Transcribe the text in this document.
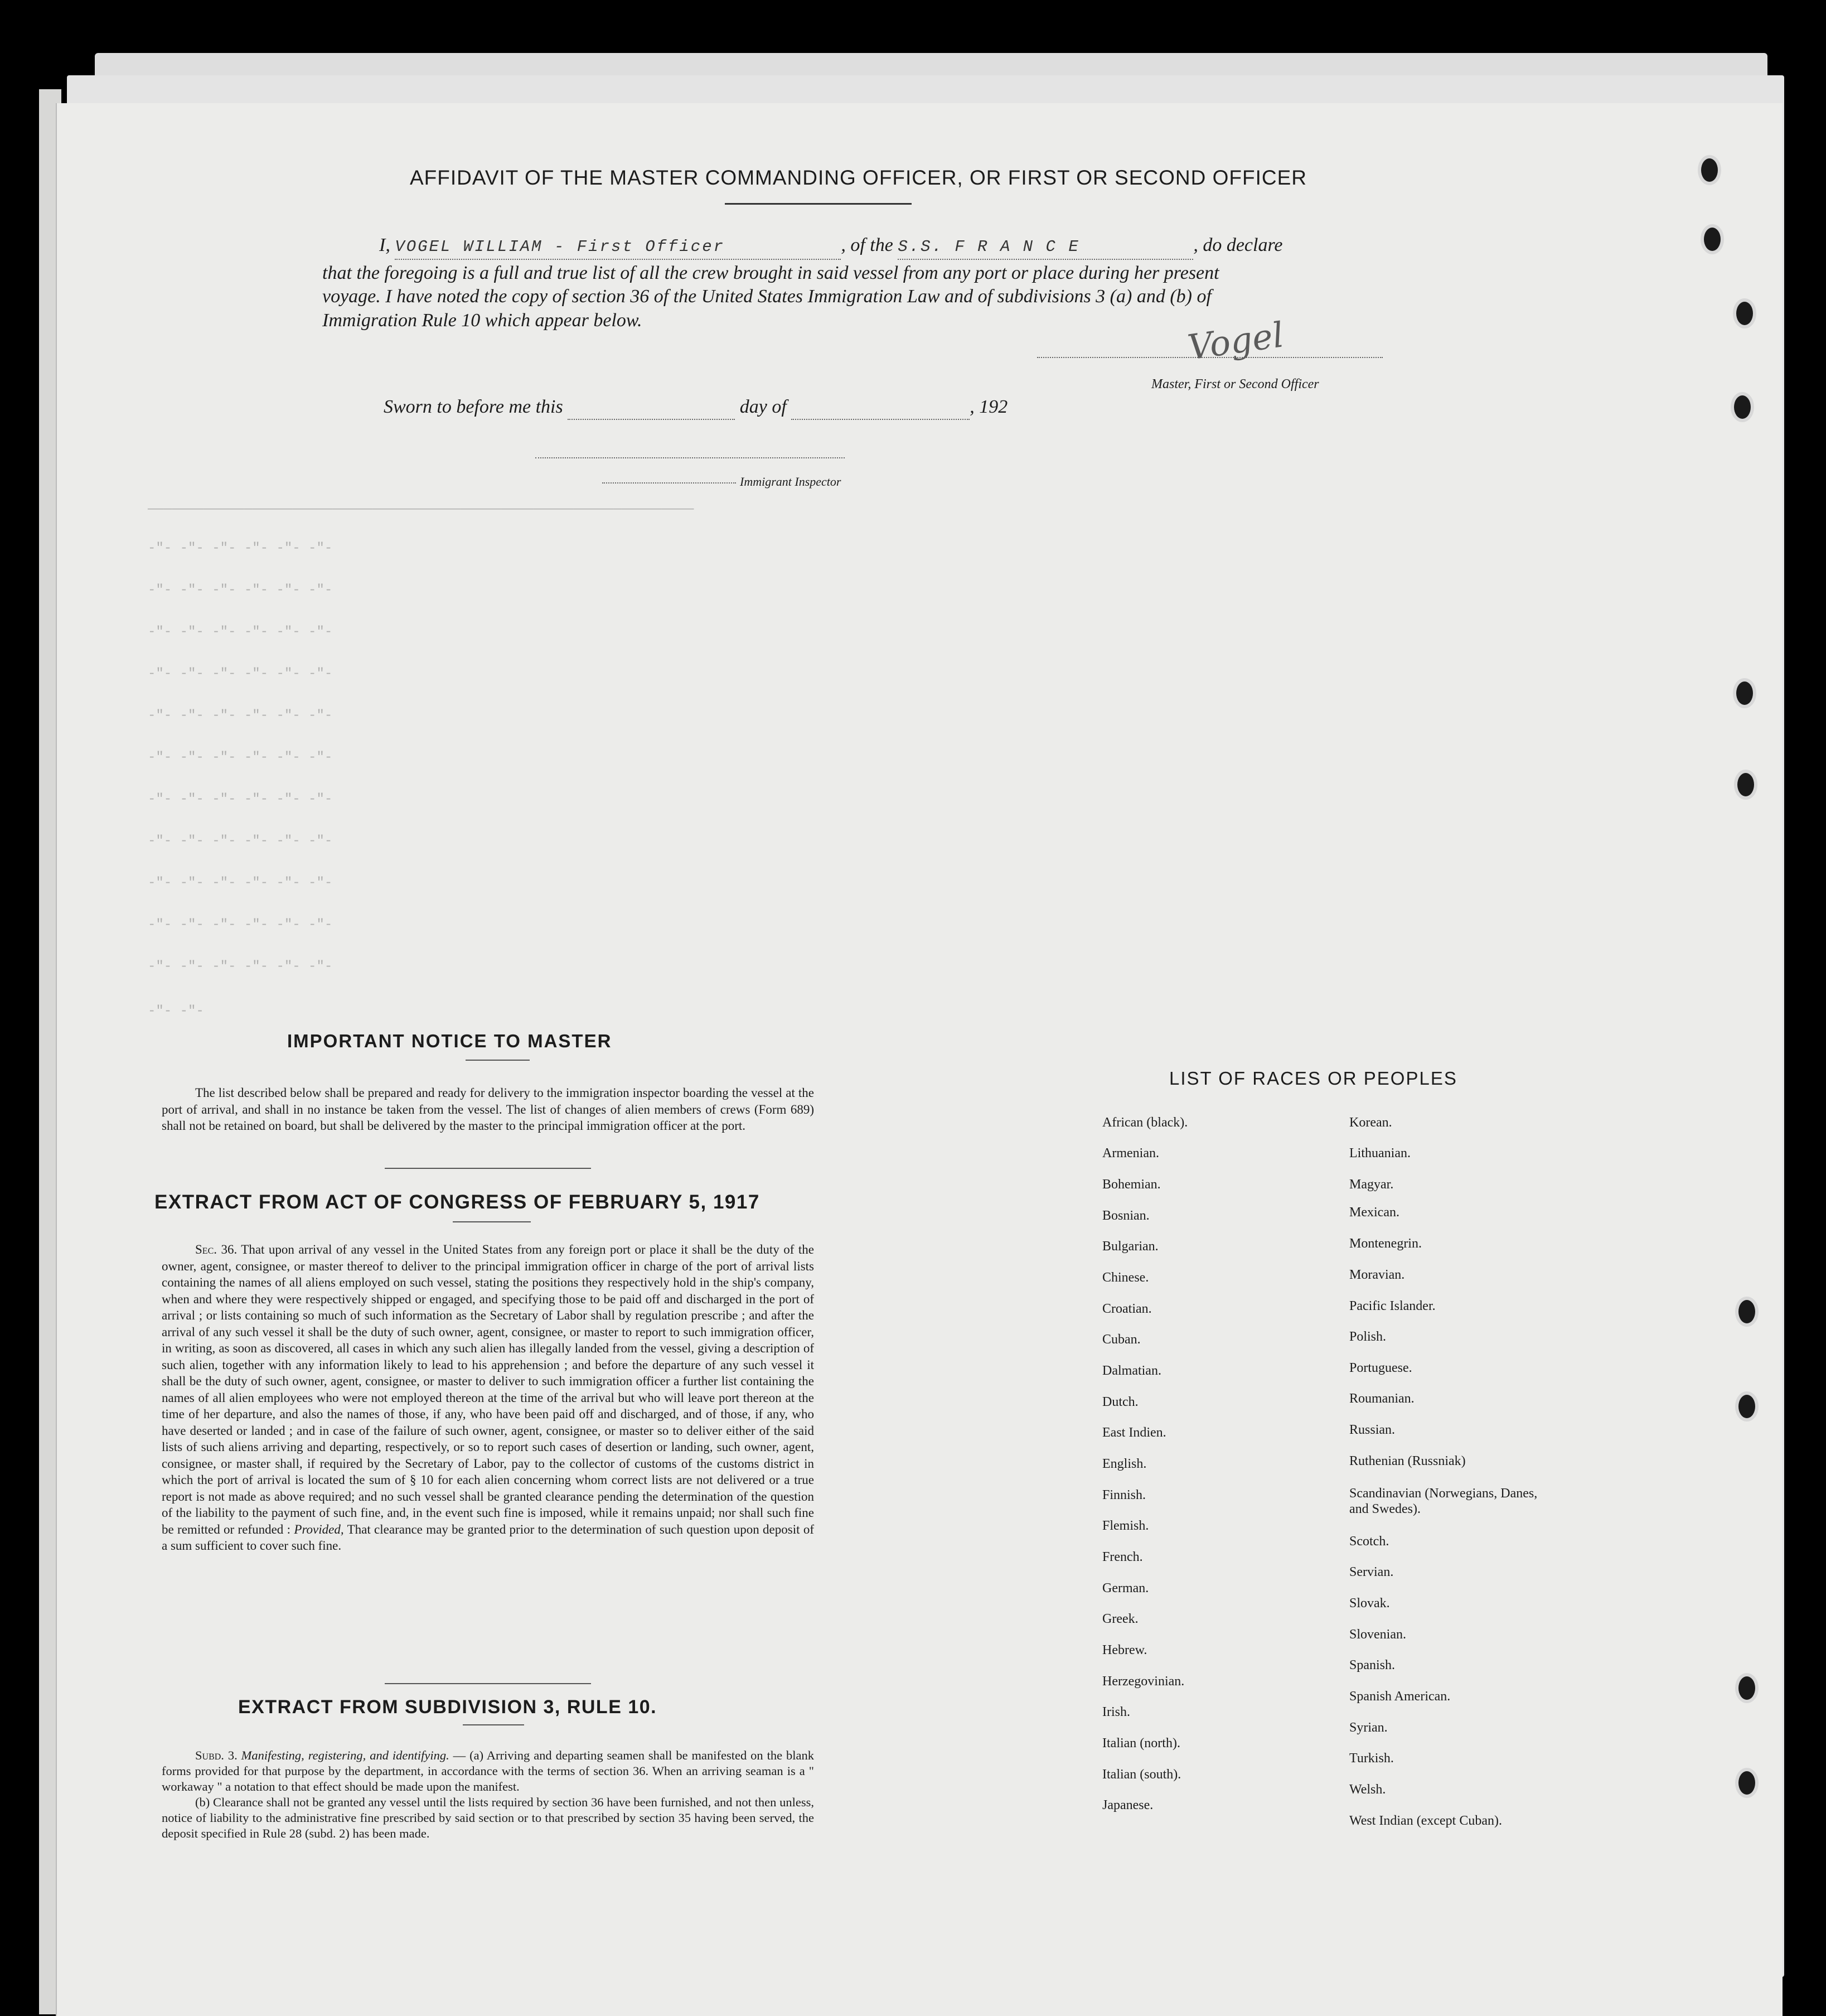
————————————————————————————————————————————————————————————————————
-"- -"- -"- -"- -"- -"-
-"- -"- -"- -"- -"- -"-
-"- -"- -"- -"- -"- -"-
-"- -"- -"- -"- -"- -"-
-"- -"- -"- -"- -"- -"-
-"- -"- -"- -"- -"- -"-
-"- -"- -"- -"- -"- -"-
-"- -"- -"- -"- -"- -"-
-"- -"- -"- -"- -"- -"-
-"- -"- -"- -"- -"- -"-
-"- -"- -"- -"- -"- -"-
-"- -"-
AFFIDAVIT OF THE MASTER COMMANDING OFFICER, OR FIRST OR SECOND OFFICER
I, VOGEL WILLIAM - First Officer	, of the S.S. F R A N C E	, do declare
that the foregoing is a full and true list of all the crew brought in said vessel from any port or place during her present
voyage. I have noted the copy of section 36 of the United States Immigration Law and of subdivisions 3 (a) and (b) of
Immigration Rule 10 which appear below.	Vogel
Master, First or Second Officer
Sworn to before me this	day of	, 192
Immigrant Inspector
IMPORTANT NOTICE TO MASTER

The list described below shall be prepared and ready for delivery to the immigration inspector boarding the vessel at the port of arrival, and shall in no instance be taken from the vessel. The list of changes of alien members of crews (Form 689) shall not be retained on board, but shall be delivered by the master to the principal immigration officer at the port.

EXTRACT FROM ACT OF CONGRESS OF FEBRUARY 5, 1917

Sec. 36. That upon arrival of any vessel in the United States from any foreign port or place it shall be the duty of the owner, agent, consignee, or master thereof to deliver to the principal immigration officer in charge of the port of arrival lists containing the names of all aliens employed on such vessel, stating the positions they respectively hold in the ship's company, when and where they were respectively shipped or engaged, and specifying those to be paid off and discharged in the port of arrival ; or lists containing so much of such information as the Secretary of Labor shall by regulation prescribe ; and after the arrival of any such vessel it shall be the duty of such owner, agent, consignee, or master to report to such immigration officer, in writing, as soon as discovered, all cases in which any such alien has illegally landed from the vessel, giving a description of such alien, together with any information likely to lead to his apprehension ; and before the departure of any such vessel it shall be the duty of such owner, agent, consignee, or master to deliver to such immigration officer a further list containing the names of all alien employees who were not employed thereon at the time of the arrival but who will leave port thereon at the time of her departure, and also the names of those, if any, who have been paid off and discharged, and of those, if any, who have deserted or landed ; and in case of the failure of such owner, agent, consignee, or master so to deliver either of the said lists of such aliens arriving and departing, respectively, or so to report such cases of desertion or landing, such owner, agent, consignee, or master shall, if required by the Secretary of Labor, pay to the collector of customs of the customs district in which the port of arrival is located the sum of § 10 for each alien concerning whom correct lists are not delivered or a true report is not made as above required; and no such vessel shall be granted clearance pending the determination of the question of the liability to the payment of such fine, and, in the event such fine is imposed, while it remains unpaid; nor shall such fine be remitted or refunded : Provided, That clearance may be granted prior to the determination of such question upon deposit of a sum sufficient to cover such fine.

EXTRACT FROM SUBDIVISION 3, RULE 10.

Subd. 3. Manifesting, registering, and identifying. — (a) Arriving and departing seamen shall be manifested on the blank forms provided for that purpose by the department, in accordance with the terms of section 36. When an arriving seaman is a " workaway " a notation to that effect should be made upon the manifest.

(b) Clearance shall not be granted any vessel until the lists required by section 36 have been furnished, and not then unless, notice of liability to the administrative fine prescribed by said section or to that prescribed by section 35 having been served, the deposit specified in Rule 28 (subd. 2) has been made.

LIST OF RACES OR PEOPLES
African (black).
Armenian.
Bohemian.
Bosnian.
Bulgarian.
Chinese.
Croatian.
Cuban.
Dalmatian.
Dutch.
East Indien.
English.
Finnish.
Flemish.
French.
German.
Greek.
Hebrew.
Herzegovinian.
Irish.
Italian (north).
Italian (south).
Japanese.
Korean.
Lithuanian.
Magyar.
Mexican.
Montenegrin.
Moravian.
Pacific Islander.
Polish.
Portuguese.
Roumanian.
Russian.
Ruthenian (Russniak)
Scandinavian (Norwegians, Danes, and Swedes).
Scotch.
Servian.
Slovak.
Slovenian.
Spanish.
Spanish American.
Syrian.
Turkish.
Welsh.
West Indian (except Cuban).
